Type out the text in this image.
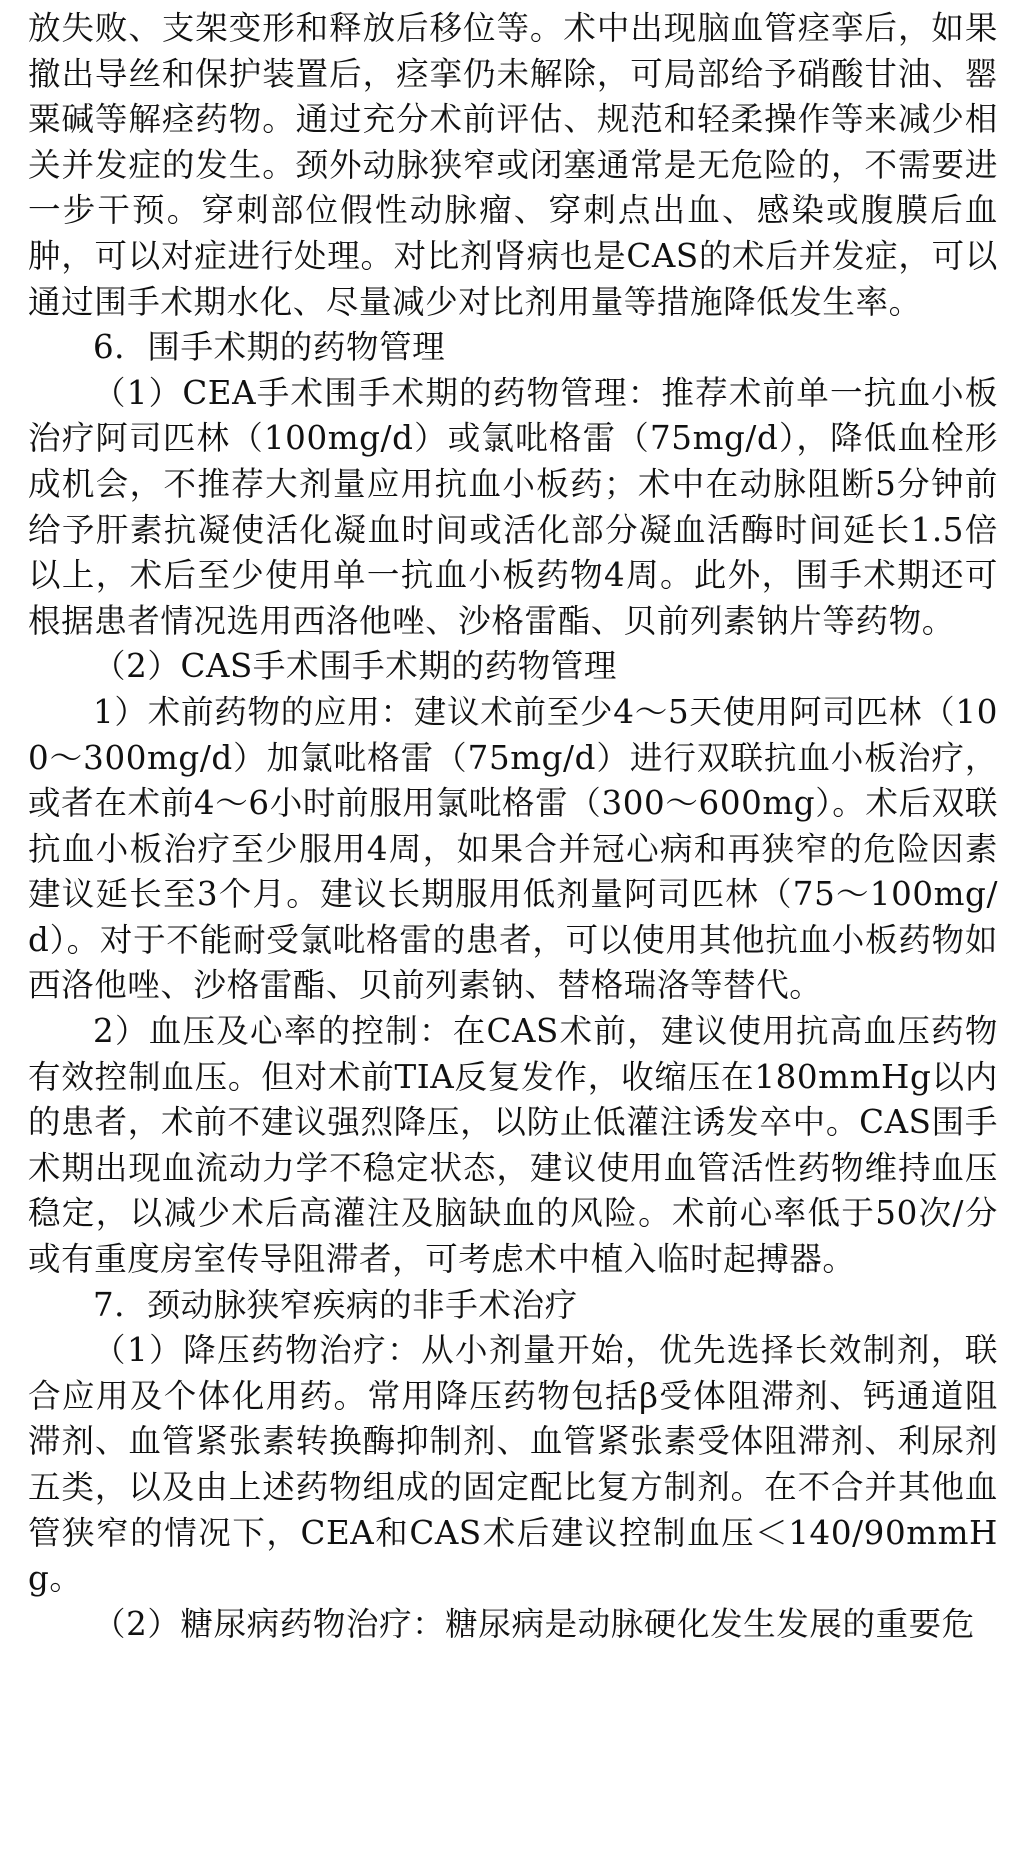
放失败、支架变形和释放后移位等。术中出现脑血管痉挛后，如果撤出导丝和保护装置后，痉挛仍未解除，可局部给予硝酸甘油、罂粟碱等解痉药物。通过充分术前评估、规范和轻柔操作等来减少相关并发症的发生。颈外动脉狭窄或闭塞通常是无危险的，不需要进一步干预。穿刺部位假性动脉瘤、穿刺点出血、感染或腹膜后血肿，可以对症进行处理。对比剂肾病也是CAS的术后并发症，可以通过围手术期水化、尽量减少对比剂用量等措施降低发生率。

6．围手术期的药物管理

（1）CEA手术围手术期的药物管理：推荐术前单一抗血小板治疗阿司匹林（100mg/d）或氯吡格雷（75mg/d），降低血栓形成机会，不推荐大剂量应用抗血小板药；术中在动脉阻断5分钟前给予肝素抗凝使活化凝血时间或活化部分凝血活酶时间延长1.5倍以上，术后至少使用单一抗血小板药物4周。此外，围手术期还可根据患者情况选用西洛他唑、沙格雷酯、贝前列素钠片等药物。

（2）CAS手术围手术期的药物管理

1）术前药物的应用：建议术前至少4～5天使用阿司匹林（100～300mg/d）加氯吡格雷（75mg/d）进行双联抗血小板治疗，或者在术前4～6小时前服用氯吡格雷（300～600mg）。术后双联抗血小板治疗至少服用4周，如果合并冠心病和再狭窄的危险因素建议延长至3个月。建议长期服用低剂量阿司匹林（75～100mg/d）。对于不能耐受氯吡格雷的患者，可以使用其他抗血小板药物如西洛他唑、沙格雷酯、贝前列素钠、替格瑞洛等替代。

2）血压及心率的控制：在CAS术前，建议使用抗高血压药物有效控制血压。但对术前TIA反复发作，收缩压在180mmHg以内的患者，术前不建议强烈降压，以防止低灌注诱发卒中。CAS围手术期出现血流动力学不稳定状态，建议使用血管活性药物维持血压稳定，以减少术后高灌注及脑缺血的风险。术前心率低于50次/分或有重度房室传导阻滞者，可考虑术中植入临时起搏器。

7．颈动脉狭窄疾病的非手术治疗

（1）降压药物治疗：从小剂量开始，优先选择长效制剂，联合应用及个体化用药。常用降压药物包括β受体阻滞剂、钙通道阻滞剂、血管紧张素转换酶抑制剂、血管紧张素受体阻滞剂、利尿剂五类，以及由上述药物组成的固定配比复方制剂。在不合并其他血管狭窄的情况下，CEA和CAS术后建议控制血压＜140/90mmHg。

（2）糖尿病药物治疗：糖尿病是动脉硬化发生发展的重要危
